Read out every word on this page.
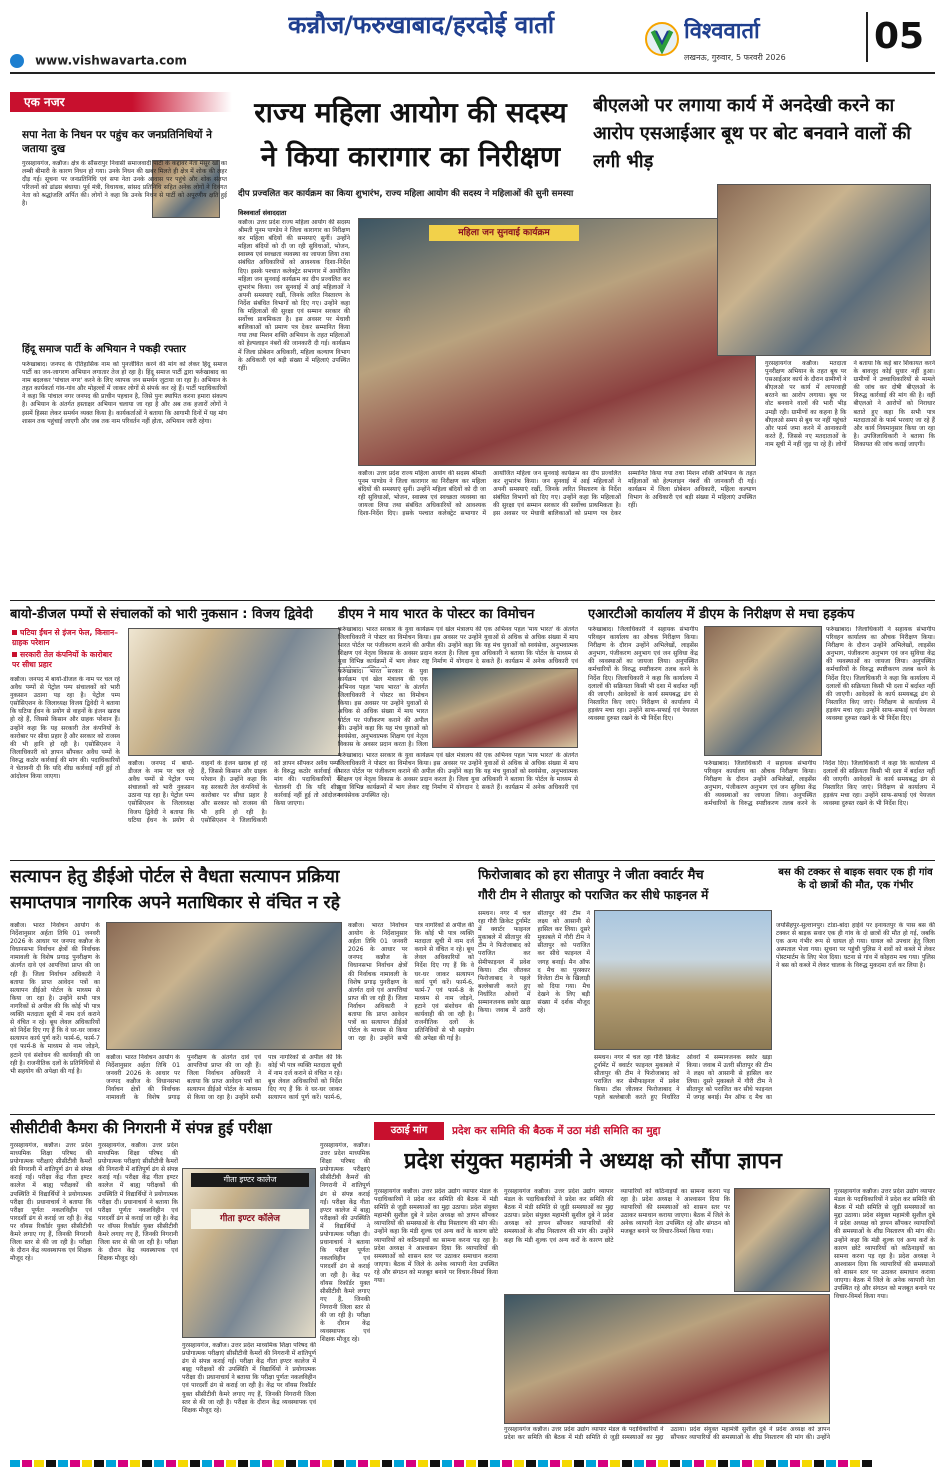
कन्नौज/फरुखाबाद/हरदोई वार्ता
www.vishwavarta.com
विश्ववार्ता
लखनऊ, गुरुवार, 5 फरवरी 2026
05
एक नजर
सपा नेता के निधन पर पहुंच कर जनप्रतिनिधियों ने जताया दुख
गुरसहायगंज, कन्नौज। क्षेत्र के सौंसरापुर निवासी समाजवादी पार्टी के कद्दावर नेता मंसूर खां का लम्बी बीमारी के कारण निधन हो गया। उनके निधन की खबर मिलते ही क्षेत्र में शोक की लहर दौड़ गई। सूचना पर जनप्रतिनिधि एवं सपा नेता उनके आवास पर पहुंचे और शोक संतप्त परिजनों को ढांढस बंधाया। पूर्व मंत्री, विधायक, सांसद प्रतिनिधि सहित अनेक लोगों ने दिवंगत नेता को श्रद्धांजलि अर्पित की। लोगों ने कहा कि उनके निधन से पार्टी को अपूरणीय क्षति हुई है।
हिंदू समाज पार्टी के अभियान ने पकड़ी रफ्तार
फर्रुखाबाद। जनपद के ऐतिहासिक नाम को पुनर्जीवित करने की मांग को लेकर हिंदू समाज पार्टी का जन-जागरण अभियान लगातार तेज हो रहा है। हिंदू समाज पार्टी द्वारा फर्रुखाबाद का नाम बदलकर 'पांचाल नगर' करने के लिए व्यापक जन समर्थन जुटाया जा रहा है। अभियान के तहत कार्यकर्ता गांव-गांव और मोहल्लों में जाकर लोगों से संपर्क कर रहे हैं। पार्टी पदाधिकारियों ने कहा कि पांचाल नगर जनपद की प्राचीन पहचान है, जिसे पुनः स्थापित करना हमारा संकल्प है। अभियान के अंतर्गत हस्ताक्षर अभियान चलाया जा रहा है और अब तक हजारों लोगों ने इसमें हिस्सा लेकर समर्थन व्यक्त किया है। कार्यकर्ताओं ने बताया कि आगामी दिनों में यह मांग शासन तक पहुंचाई जाएगी और जब तक नाम परिवर्तन नहीं होता, अभियान जारी रहेगा।
राज्य महिला आयोग की सदस्य
ने किया कारागार का निरीक्षण
दीप प्रज्वलित कर कार्यक्रम का किया शुभारंभ, राज्य महिला आयोग की सदस्य ने महिलाओं की सुनी समस्या
विश्ववार्ता संवाददाता
कन्नौज। उत्तर प्रदेश राज्य महिला आयोग की सदस्य श्रीमती पूनम पाण्डेय ने जिला कारागार का निरीक्षण कर महिला बंदियों की समस्याएं सुनीं। उन्होंने महिला बंदियों को दी जा रही सुविधाओं, भोजन, स्वास्थ्य एवं स्वच्छता व्यवस्था का जायजा लिया तथा संबंधित अधिकारियों को आवश्यक दिशा-निर्देश दिए। इसके पश्चात कलेक्ट्रेट सभागार में आयोजित महिला जन सुनवाई कार्यक्रम का दीप प्रज्वलित कर शुभारंभ किया। जन सुनवाई में आई महिलाओं ने अपनी समस्याएं रखीं, जिनके त्वरित निस्तारण के निर्देश संबंधित विभागों को दिए गए। उन्होंने कहा कि महिलाओं की सुरक्षा एवं सम्मान सरकार की सर्वोच्च प्राथमिकता है। इस अवसर पर मेधावी बालिकाओं को प्रमाण पत्र देकर सम्मानित किया गया तथा मिशन शक्ति अभियान के तहत महिलाओं को हेल्पलाइन नंबरों की जानकारी दी गई। कार्यक्रम में जिला प्रोबेशन अधिकारी, महिला कल्याण विभाग के अधिकारी एवं बड़ी संख्या में महिलाएं उपस्थित रहीं।
महिला जन सुनवाई कार्यक्रम
कन्नौज। उत्तर प्रदेश राज्य महिला आयोग की सदस्य श्रीमती पूनम पाण्डेय ने जिला कारागार का निरीक्षण कर महिला बंदियों की समस्याएं सुनीं। उन्होंने महिला बंदियों को दी जा रही सुविधाओं, भोजन, स्वास्थ्य एवं स्वच्छता व्यवस्था का जायजा लिया तथा संबंधित अधिकारियों को आवश्यक दिशा-निर्देश दिए। इसके पश्चात कलेक्ट्रेट सभागार में आयोजित महिला जन सुनवाई कार्यक्रम का दीप प्रज्वलित कर शुभारंभ किया। जन सुनवाई में आई महिलाओं ने अपनी समस्याएं रखीं, जिनके त्वरित निस्तारण के निर्देश संबंधित विभागों को दिए गए। उन्होंने कहा कि महिलाओं की सुरक्षा एवं सम्मान सरकार की सर्वोच्च प्राथमिकता है। इस अवसर पर मेधावी बालिकाओं को प्रमाण पत्र देकर सम्मानित किया गया तथा मिशन शक्ति अभियान के तहत महिलाओं को हेल्पलाइन नंबरों की जानकारी दी गई। कार्यक्रम में जिला प्रोबेशन अधिकारी, महिला कल्याण विभाग के अधिकारी एवं बड़ी संख्या में महिलाएं उपस्थित रहीं।
बीएलओ पर लगाया कार्य में अनदेखी करने का आरोप एसआईआर बूथ पर बोट बनवाने वालों की लगी भीड़
गुरसहायगंज कन्नौज। मतदाता पुनरीक्षण अभियान के तहत बूथ पर एसआईआर कार्य के दौरान ग्रामीणों ने बीएलओ पर कार्य में लापरवाही बरतने का आरोप लगाया। बूथ पर वोट बनवाने वालों की भारी भीड़ उमड़ी रही। ग्रामीणों का कहना है कि बीएलओ समय से बूथ पर नहीं पहुंचते और फार्म जमा करने में आनाकानी करते हैं, जिससे नए मतदाताओं के नाम सूची में नहीं जुड़ पा रहे हैं। लोगों ने बताया कि कई बार शिकायत करने के बावजूद कोई सुधार नहीं हुआ। ग्रामीणों ने उच्चाधिकारियों से मामले की जांच कर दोषी बीएलओ के विरुद्ध कार्रवाई की मांग की है। वहीं बीएलओ ने आरोपों को निराधार बताते हुए कहा कि सभी पात्र मतदाताओं के फार्म भरवाए जा रहे हैं और कार्य नियमानुसार किया जा रहा है। उपजिलाधिकारी ने बताया कि शिकायत की जांच कराई जाएगी।
बायो-डीजल पम्पों से संचालकों को भारी नुकसान : विजय द्विवेदी
घटिया ईंधन से इंजन फेल, किसान–ग्राहक परेशान
सरकारी तेल कंपनियों के कारोबार पर सीधा प्रहार
कन्नौज। जनपद में बायो-डीजल के नाम पर चल रहे अवैध पम्पों से पेट्रोल पम्प संचालकों को भारी नुकसान उठाना पड़ रहा है। पेट्रोल पम्प एसोसिएशन के जिलाध्यक्ष विजय द्विवेदी ने बताया कि घटिया ईंधन के प्रयोग से वाहनों के इंजन खराब हो रहे हैं, जिससे किसान और ग्राहक परेशान हैं। उन्होंने कहा कि यह सरकारी तेल कंपनियों के कारोबार पर सीधा प्रहार है और सरकार को राजस्व की भी हानि हो रही है। एसोसिएशन ने जिलाधिकारी को ज्ञापन सौंपकर अवैध पम्पों के विरुद्ध कठोर कार्रवाई की मांग की। पदाधिकारियों ने चेतावनी दी कि यदि शीघ्र कार्रवाई नहीं हुई तो आंदोलन किया जाएगा।
कन्नौज। जनपद में बायो-डीजल के नाम पर चल रहे अवैध पम्पों से पेट्रोल पम्प संचालकों को भारी नुकसान उठाना पड़ रहा है। पेट्रोल पम्प एसोसिएशन के जिलाध्यक्ष विजय द्विवेदी ने बताया कि घटिया ईंधन के प्रयोग से वाहनों के इंजन खराब हो रहे हैं, जिससे किसान और ग्राहक परेशान हैं। उन्होंने कहा कि यह सरकारी तेल कंपनियों के कारोबार पर सीधा प्रहार है और सरकार को राजस्व की भी हानि हो रही है। एसोसिएशन ने जिलाधिकारी को ज्ञापन सौंपकर अवैध पम्पों के विरुद्ध कठोर कार्रवाई की मांग की। पदाधिकारियों ने चेतावनी दी कि यदि शीघ्र कार्रवाई नहीं हुई तो आंदोलन किया जाएगा।
डीएम ने माय भारत के पोस्टर का विमोचन
फर्रुखाबाद। भारत सरकार के युवा कार्यक्रम एवं खेल मंत्रालय की एक अभिनव पहल 'माय भारत' के अंतर्गत जिलाधिकारी ने पोस्टर का विमोचन किया। इस अवसर पर उन्होंने युवाओं से अधिक से अधिक संख्या में माय भारत पोर्टल पर पंजीकरण कराने की अपील की। उन्होंने कहा कि यह मंच युवाओं को स्वयंसेवा, अनुभवात्मक शिक्षण एवं नेतृत्व विकास के अवसर प्रदान करता है। जिला युवा अधिकारी ने बताया कि पोर्टल के माध्यम से युवा विभिन्न कार्यक्रमों में भाग लेकर राष्ट्र निर्माण में योगदान दे सकते हैं। कार्यक्रम में अनेक अधिकारी एवं
फर्रुखाबाद। भारत सरकार के युवा कार्यक्रम एवं खेल मंत्रालय की एक अभिनव पहल 'माय भारत' के अंतर्गत जिलाधिकारी ने पोस्टर का विमोचन किया। इस अवसर पर उन्होंने युवाओं से अधिक से अधिक संख्या में माय भारत पोर्टल पर पंजीकरण कराने की अपील की। उन्होंने कहा कि यह मंच युवाओं को स्वयंसेवा, अनुभवात्मक शिक्षण एवं नेतृत्व विकास के अवसर प्रदान करता है। जिला
फर्रुखाबाद। भारत सरकार के युवा कार्यक्रम एवं खेल मंत्रालय की एक अभिनव पहल 'माय भारत' के अंतर्गत जिलाधिकारी ने पोस्टर का विमोचन किया। इस अवसर पर उन्होंने युवाओं से अधिक से अधिक संख्या में माय भारत पोर्टल पर पंजीकरण कराने की अपील की। उन्होंने कहा कि यह मंच युवाओं को स्वयंसेवा, अनुभवात्मक शिक्षण एवं नेतृत्व विकास के अवसर प्रदान करता है। जिला युवा अधिकारी ने बताया कि पोर्टल के माध्यम से युवा विभिन्न कार्यक्रमों में भाग लेकर राष्ट्र निर्माण में योगदान दे सकते हैं। कार्यक्रम में अनेक अधिकारी एवं स्वयंसेवक उपस्थित रहे।
एआरटीओ कार्यालय में डीएम के निरीक्षण से मचा हड़कंप
फर्रुखाबाद। जिलाधिकारी ने सहायक संभागीय परिवहन कार्यालय का औचक निरीक्षण किया। निरीक्षण के दौरान उन्होंने अभिलेखों, लाइसेंस अनुभाग, पंजीकरण अनुभाग एवं जन सुविधा केंद्र की व्यवस्थाओं का जायजा लिया। अनुपस्थित कर्मचारियों के विरुद्ध स्पष्टीकरण तलब करने के निर्देश दिए। जिलाधिकारी ने कहा कि कार्यालय में दलालों की सक्रियता किसी भी दशा में बर्दाश्त नहीं की जाएगी। आवेदकों के कार्य समयबद्ध ढंग से निस्तारित किए जाएं। निरीक्षण से कार्यालय में हड़कंप मचा रहा। उन्होंने साफ-सफाई एवं पेयजल व्यवस्था दुरुस्त रखने के भी निर्देश दिए।
फर्रुखाबाद। जिलाधिकारी ने सहायक संभागीय परिवहन कार्यालय का औचक निरीक्षण किया। निरीक्षण के दौरान उन्होंने अभिलेखों, लाइसेंस अनुभाग, पंजीकरण अनुभाग एवं जन सुविधा केंद्र की व्यवस्थाओं का जायजा लिया। अनुपस्थित कर्मचारियों के विरुद्ध स्पष्टीकरण तलब करने के निर्देश दिए। जिलाधिकारी ने कहा कि कार्यालय में दलालों की सक्रियता किसी भी दशा में बर्दाश्त नहीं की जाएगी। आवेदकों के कार्य समयबद्ध ढंग से निस्तारित किए जाएं। निरीक्षण से कार्यालय में हड़कंप मचा रहा। उन्होंने साफ-सफाई एवं पेयजल व्यवस्था दुरुस्त रखने के भी निर्देश दिए।
फर्रुखाबाद। जिलाधिकारी ने सहायक संभागीय परिवहन कार्यालय का औचक निरीक्षण किया। निरीक्षण के दौरान उन्होंने अभिलेखों, लाइसेंस अनुभाग, पंजीकरण अनुभाग एवं जन सुविधा केंद्र की व्यवस्थाओं का जायजा लिया। अनुपस्थित कर्मचारियों के विरुद्ध स्पष्टीकरण तलब करने के निर्देश दिए। जिलाधिकारी ने कहा कि कार्यालय में दलालों की सक्रियता किसी भी दशा में बर्दाश्त नहीं की जाएगी। आवेदकों के कार्य समयबद्ध ढंग से निस्तारित किए जाएं। निरीक्षण से कार्यालय में हड़कंप मचा रहा। उन्होंने साफ-सफाई एवं पेयजल व्यवस्था दुरुस्त रखने के भी निर्देश दिए।
सत्यापन हेतु डीईओ पोर्टल से वैधता सत्यापन प्रक्रिया
समाप्तपात्र नागरिक अपने मताधिकार से वंचित न रहे
कन्नौज। भारत निर्वाचन आयोग के निर्देशानुसार अर्हता तिथि 01 जनवरी 2026 के आधार पर जनपद कन्नौज के विधानसभा निर्वाचन क्षेत्रों की निर्वाचक नामावली के विशेष प्रगाढ़ पुनरीक्षण के अंतर्गत दावे एवं आपत्तियां प्राप्त की जा रही हैं। जिला निर्वाचन अधिकारी ने बताया कि प्राप्त आवेदन पत्रों का सत्यापन डीईओ पोर्टल के माध्यम से किया जा रहा है। उन्होंने सभी पात्र नागरिकों से अपील की कि कोई भी पात्र व्यक्ति मतदाता सूची में नाम दर्ज कराने से वंचित न रहे। बूथ लेवल अधिकारियों को निर्देश दिए गए हैं कि वे घर-घर जाकर सत्यापन कार्य पूर्ण करें। फार्म-6, फार्म-7 एवं फार्म-8 के माध्यम से नाम जोड़ने, हटाने एवं संशोधन की कार्यवाही की जा रही है। राजनीतिक दलों के प्रतिनिधियों से भी सहयोग की अपेक्षा की गई है।
कन्नौज। भारत निर्वाचन आयोग के निर्देशानुसार अर्हता तिथि 01 जनवरी 2026 के आधार पर जनपद कन्नौज के विधानसभा निर्वाचन क्षेत्रों की निर्वाचक नामावली के विशेष प्रगाढ़ पुनरीक्षण के अंतर्गत दावे एवं आपत्तियां प्राप्त की जा रही हैं। जिला निर्वाचन अधिकारी ने बताया कि प्राप्त आवेदन पत्रों का सत्यापन डीईओ पोर्टल के माध्यम से किया जा रहा है। उन्होंने सभी पात्र नागरिकों से अपील की कि कोई भी पात्र व्यक्ति मतदाता सूची में नाम दर्ज कराने से वंचित न रहे। बूथ लेवल अधिकारियों को निर्देश दिए गए हैं कि वे घर-घर जाकर सत्यापन कार्य पूर्ण करें। फार्म-6,
कन्नौज। भारत निर्वाचन आयोग के निर्देशानुसार अर्हता तिथि 01 जनवरी 2026 के आधार पर जनपद कन्नौज के विधानसभा निर्वाचन क्षेत्रों की निर्वाचक नामावली के विशेष प्रगाढ़ पुनरीक्षण के अंतर्गत दावे एवं आपत्तियां प्राप्त की जा रही हैं। जिला निर्वाचन अधिकारी ने बताया कि प्राप्त आवेदन पत्रों का सत्यापन डीईओ पोर्टल के माध्यम से किया जा रहा है। उन्होंने सभी पात्र नागरिकों से अपील की कि कोई भी पात्र व्यक्ति मतदाता सूची में नाम दर्ज कराने से वंचित न रहे। बूथ लेवल अधिकारियों को निर्देश दिए गए हैं कि वे घर-घर जाकर सत्यापन कार्य पूर्ण करें। फार्म-6, फार्म-7 एवं फार्म-8 के माध्यम से नाम जोड़ने, हटाने एवं संशोधन की कार्यवाही की जा रही है। राजनीतिक दलों के प्रतिनिधियों से भी सहयोग की अपेक्षा की गई है।
फिरोजाबाद को हरा सीतापुर ने जीता क्वार्टर मैच
गौरी टीम ने सीतापुर को पराजित कर सीधे फाइनल में
समधन। नगर में चल रहा गौरी क्रिकेट टूर्नामेंट में क्वार्टर फाइनल मुकाबले में सीतापुर की टीम ने फिरोजाबाद को पराजित कर सेमीफाइनल में प्रवेश किया। टॉस जीतकर फिरोजाबाद ने पहले बल्लेबाजी करते हुए निर्धारित ओवरों में सम्मानजनक स्कोर खड़ा किया। जवाब में उतरी सीतापुर की टीम ने लक्ष्य को आसानी से हासिल कर लिया। दूसरे मुकाबले में गौरी टीम ने सीतापुर को पराजित कर सीधे फाइनल में जगह बनाई। मैन ऑफ द मैच का पुरस्कार विजेता टीम के खिलाड़ी को दिया गया। मैच देखने के लिए बड़ी संख्या में दर्शक मौजूद रहे।
समधन। नगर में चल रहा गौरी क्रिकेट टूर्नामेंट में क्वार्टर फाइनल मुकाबले में सीतापुर की टीम ने फिरोजाबाद को पराजित कर सेमीफाइनल में प्रवेश किया। टॉस जीतकर फिरोजाबाद ने पहले बल्लेबाजी करते हुए निर्धारित ओवरों में सम्मानजनक स्कोर खड़ा किया। जवाब में उतरी सीतापुर की टीम ने लक्ष्य को आसानी से हासिल कर लिया। दूसरे मुकाबले में गौरी टीम ने सीतापुर को पराजित कर सीधे फाइनल में जगह बनाई। मैन ऑफ द मैच का
बस की टक्कर से बाइक सवार एक ही गांव के दो छात्रों की मौत, एक गंभीर
जयसिंहपुर-सुल्तानपुर। टांडा-बांदा हाईवे पर इनायतपुर के पास बस की टक्कर से बाइक सवार एक ही गांव के दो छात्रों की मौत हो गई, जबकि एक अन्य गंभीर रूप से घायल हो गया। घायल को उपचार हेतु जिला अस्पताल भेजा गया। सूचना पर पहुंची पुलिस ने शवों को कब्जे में लेकर पोस्टमार्टम के लिए भेज दिया। घटना से गांव में कोहराम मच गया। पुलिस ने बस को कब्जे में लेकर चालक के विरुद्ध मुकदमा दर्ज कर लिया है।
सीसीटीवी कैमरा की निगरानी में संपन्न हुई परीक्षा
गुरसहायगंज, कन्नौज। उत्तर प्रदेश माध्यमिक शिक्षा परिषद की प्रयोगात्मक परीक्षाएं सीसीटीवी कैमरों की निगरानी में शांतिपूर्ण ढंग से संपन्न कराई गईं। परीक्षा केंद्र गीता इण्टर कालेज में बाह्य परीक्षकों की उपस्थिति में विद्यार्थियों ने प्रयोगात्मक परीक्षा दी। प्रधानाचार्य ने बताया कि परीक्षा पूर्णतः नकलविहीन एवं पारदर्शी ढंग से कराई जा रही है। केंद्र पर वॉयस रिकॉर्डर युक्त सीसीटीवी कैमरे लगाए गए हैं, जिनकी निगरानी जिला स्तर से की जा रही है। परीक्षा के दौरान केंद्र व्यवस्थापक एवं शिक्षक मौजूद रहे।
गुरसहायगंज, कन्नौज। उत्तर प्रदेश माध्यमिक शिक्षा परिषद की प्रयोगात्मक परीक्षाएं सीसीटीवी कैमरों की निगरानी में शांतिपूर्ण ढंग से संपन्न कराई गईं। परीक्षा केंद्र गीता इण्टर कालेज में बाह्य परीक्षकों की उपस्थिति में विद्यार्थियों ने प्रयोगात्मक परीक्षा दी। प्रधानाचार्य ने बताया कि परीक्षा पूर्णतः नकलविहीन एवं पारदर्शी ढंग से कराई जा रही है। केंद्र पर वॉयस रिकॉर्डर युक्त सीसीटीवी कैमरे लगाए गए हैं, जिनकी निगरानी जिला स्तर से की जा रही है। परीक्षा के दौरान केंद्र व्यवस्थापक एवं शिक्षक मौजूद रहे।
गीता इण्टर कालेज
गीता इण्टर कॉलेज
गुरसहायगंज, कन्नौज। उत्तर प्रदेश माध्यमिक शिक्षा परिषद की प्रयोगात्मक परीक्षाएं सीसीटीवी कैमरों की निगरानी में शांतिपूर्ण ढंग से संपन्न कराई गईं। परीक्षा केंद्र गीता इण्टर कालेज में बाह्य परीक्षकों की उपस्थिति में विद्यार्थियों ने प्रयोगात्मक परीक्षा दी। प्रधानाचार्य ने बताया कि परीक्षा पूर्णतः नकलविहीन एवं पारदर्शी ढंग से कराई जा रही है। केंद्र पर वॉयस रिकॉर्डर युक्त सीसीटीवी कैमरे लगाए गए हैं, जिनकी निगरानी जिला स्तर से की जा रही है। परीक्षा के दौरान केंद्र व्यवस्थापक एवं शिक्षक मौजूद रहे।
गुरसहायगंज, कन्नौज। उत्तर प्रदेश माध्यमिक शिक्षा परिषद की प्रयोगात्मक परीक्षाएं सीसीटीवी कैमरों की निगरानी में शांतिपूर्ण ढंग से संपन्न कराई गईं। परीक्षा केंद्र गीता इण्टर कालेज में बाह्य परीक्षकों की उपस्थिति में विद्यार्थियों ने प्रयोगात्मक परीक्षा दी। प्रधानाचार्य ने बताया कि परीक्षा पूर्णतः नकलविहीन एवं पारदर्शी ढंग से कराई जा रही है। केंद्र पर वॉयस रिकॉर्डर युक्त सीसीटीवी कैमरे लगाए गए हैं, जिनकी निगरानी जिला स्तर से की जा रही है। परीक्षा के दौरान केंद्र व्यवस्थापक एवं शिक्षक मौजूद रहे।
उठाई मांग	प्रदेश कर समिति की बैठक में उठा मंडी समिति का मुद्दा
प्रदेश संयुक्त महामंत्री ने अध्यक्ष को सौंपा ज्ञापन
गुरसहायगंज कन्नौज। उत्तर प्रदेश उद्योग व्यापार मंडल के पदाधिकारियों ने प्रदेश कर समिति की बैठक में मंडी समिति से जुड़ी समस्याओं का मुद्दा उठाया। प्रदेश संयुक्त महामंत्री सुशील दुबे ने प्रदेश अध्यक्ष को ज्ञापन सौंपकर व्यापारियों की समस्याओं के शीघ्र निस्तारण की मांग की। उन्होंने कहा कि मंडी शुल्क एवं अन्य करों के कारण छोटे व्यापारियों को कठिनाइयों का सामना करना पड़ रहा है। प्रदेश अध्यक्ष ने आश्वासन दिया कि व्यापारियों की समस्याओं को शासन स्तर पर उठाकर समाधान कराया जाएगा। बैठक में जिले के अनेक व्यापारी नेता उपस्थित रहे और संगठन को मजबूत बनाने पर विचार-विमर्श किया गया।
गुरसहायगंज कन्नौज। उत्तर प्रदेश उद्योग व्यापार मंडल के पदाधिकारियों ने प्रदेश कर समिति की बैठक में मंडी समिति से जुड़ी समस्याओं का मुद्दा उठाया। प्रदेश संयुक्त महामंत्री सुशील दुबे ने प्रदेश अध्यक्ष को ज्ञापन सौंपकर व्यापारियों की समस्याओं के शीघ्र निस्तारण की मांग की। उन्होंने
गुरसहायगंज कन्नौज। उत्तर प्रदेश उद्योग व्यापार मंडल के पदाधिकारियों ने प्रदेश कर समिति की बैठक में मंडी समिति से जुड़ी समस्याओं का मुद्दा उठाया। प्रदेश संयुक्त महामंत्री सुशील दुबे ने प्रदेश अध्यक्ष को ज्ञापन सौंपकर व्यापारियों की समस्याओं के शीघ्र निस्तारण की मांग की। उन्होंने कहा कि मंडी शुल्क एवं अन्य करों के कारण छोटे व्यापारियों को कठिनाइयों का सामना करना पड़ रहा है। प्रदेश अध्यक्ष ने आश्वासन दिया कि व्यापारियों की समस्याओं को शासन स्तर पर उठाकर समाधान कराया जाएगा। बैठक में जिले के अनेक व्यापारी नेता उपस्थित रहे और संगठन को मजबूत बनाने पर विचार-विमर्श किया गया।
गुरसहायगंज कन्नौज। उत्तर प्रदेश उद्योग व्यापार मंडल के पदाधिकारियों ने प्रदेश कर समिति की बैठक में मंडी समिति से जुड़ी समस्याओं का मुद्दा उठाया। प्रदेश संयुक्त महामंत्री सुशील दुबे ने प्रदेश अध्यक्ष को ज्ञापन सौंपकर व्यापारियों की समस्याओं के शीघ्र निस्तारण की मांग की। उन्होंने कहा कि मंडी शुल्क एवं अन्य करों के कारण छोटे व्यापारियों को कठिनाइयों का सामना करना पड़ रहा है। प्रदेश अध्यक्ष ने आश्वासन दिया कि व्यापारियों की समस्याओं को शासन स्तर पर उठाकर समाधान कराया जाएगा। बैठक में जिले के अनेक व्यापारी नेता उपस्थित रहे और संगठन को मजबूत बनाने पर विचार-विमर्श किया गया।
